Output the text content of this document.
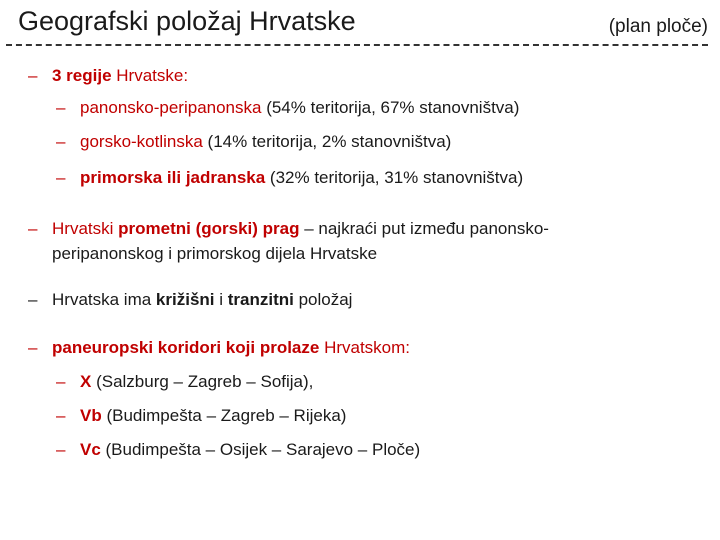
Geografski položaj Hrvatske	(plan ploče)
– 3 regije Hrvatske:
– panonsko-peripanonska (54% teritorija, 67% stanovništva)
– gorsko-kotlinska (14% teritorija, 2% stanovništva)
– primorska ili jadranska (32% teritorija, 31% stanovništva)
– Hrvatski prometni (gorski) prag – najkraći put između panonsko-
peripanonskog i primorskog dijela Hrvatske
– Hrvatska ima križišni i tranzitni položaj
– paneuropski koridori koji prolaze Hrvatskom:
– X (Salzburg – Zagreb – Sofija),
– Vb (Budimpešta – Zagreb – Rijeka)
– Vc (Budimpešta – Osijek – Sarajevo – Ploče)
